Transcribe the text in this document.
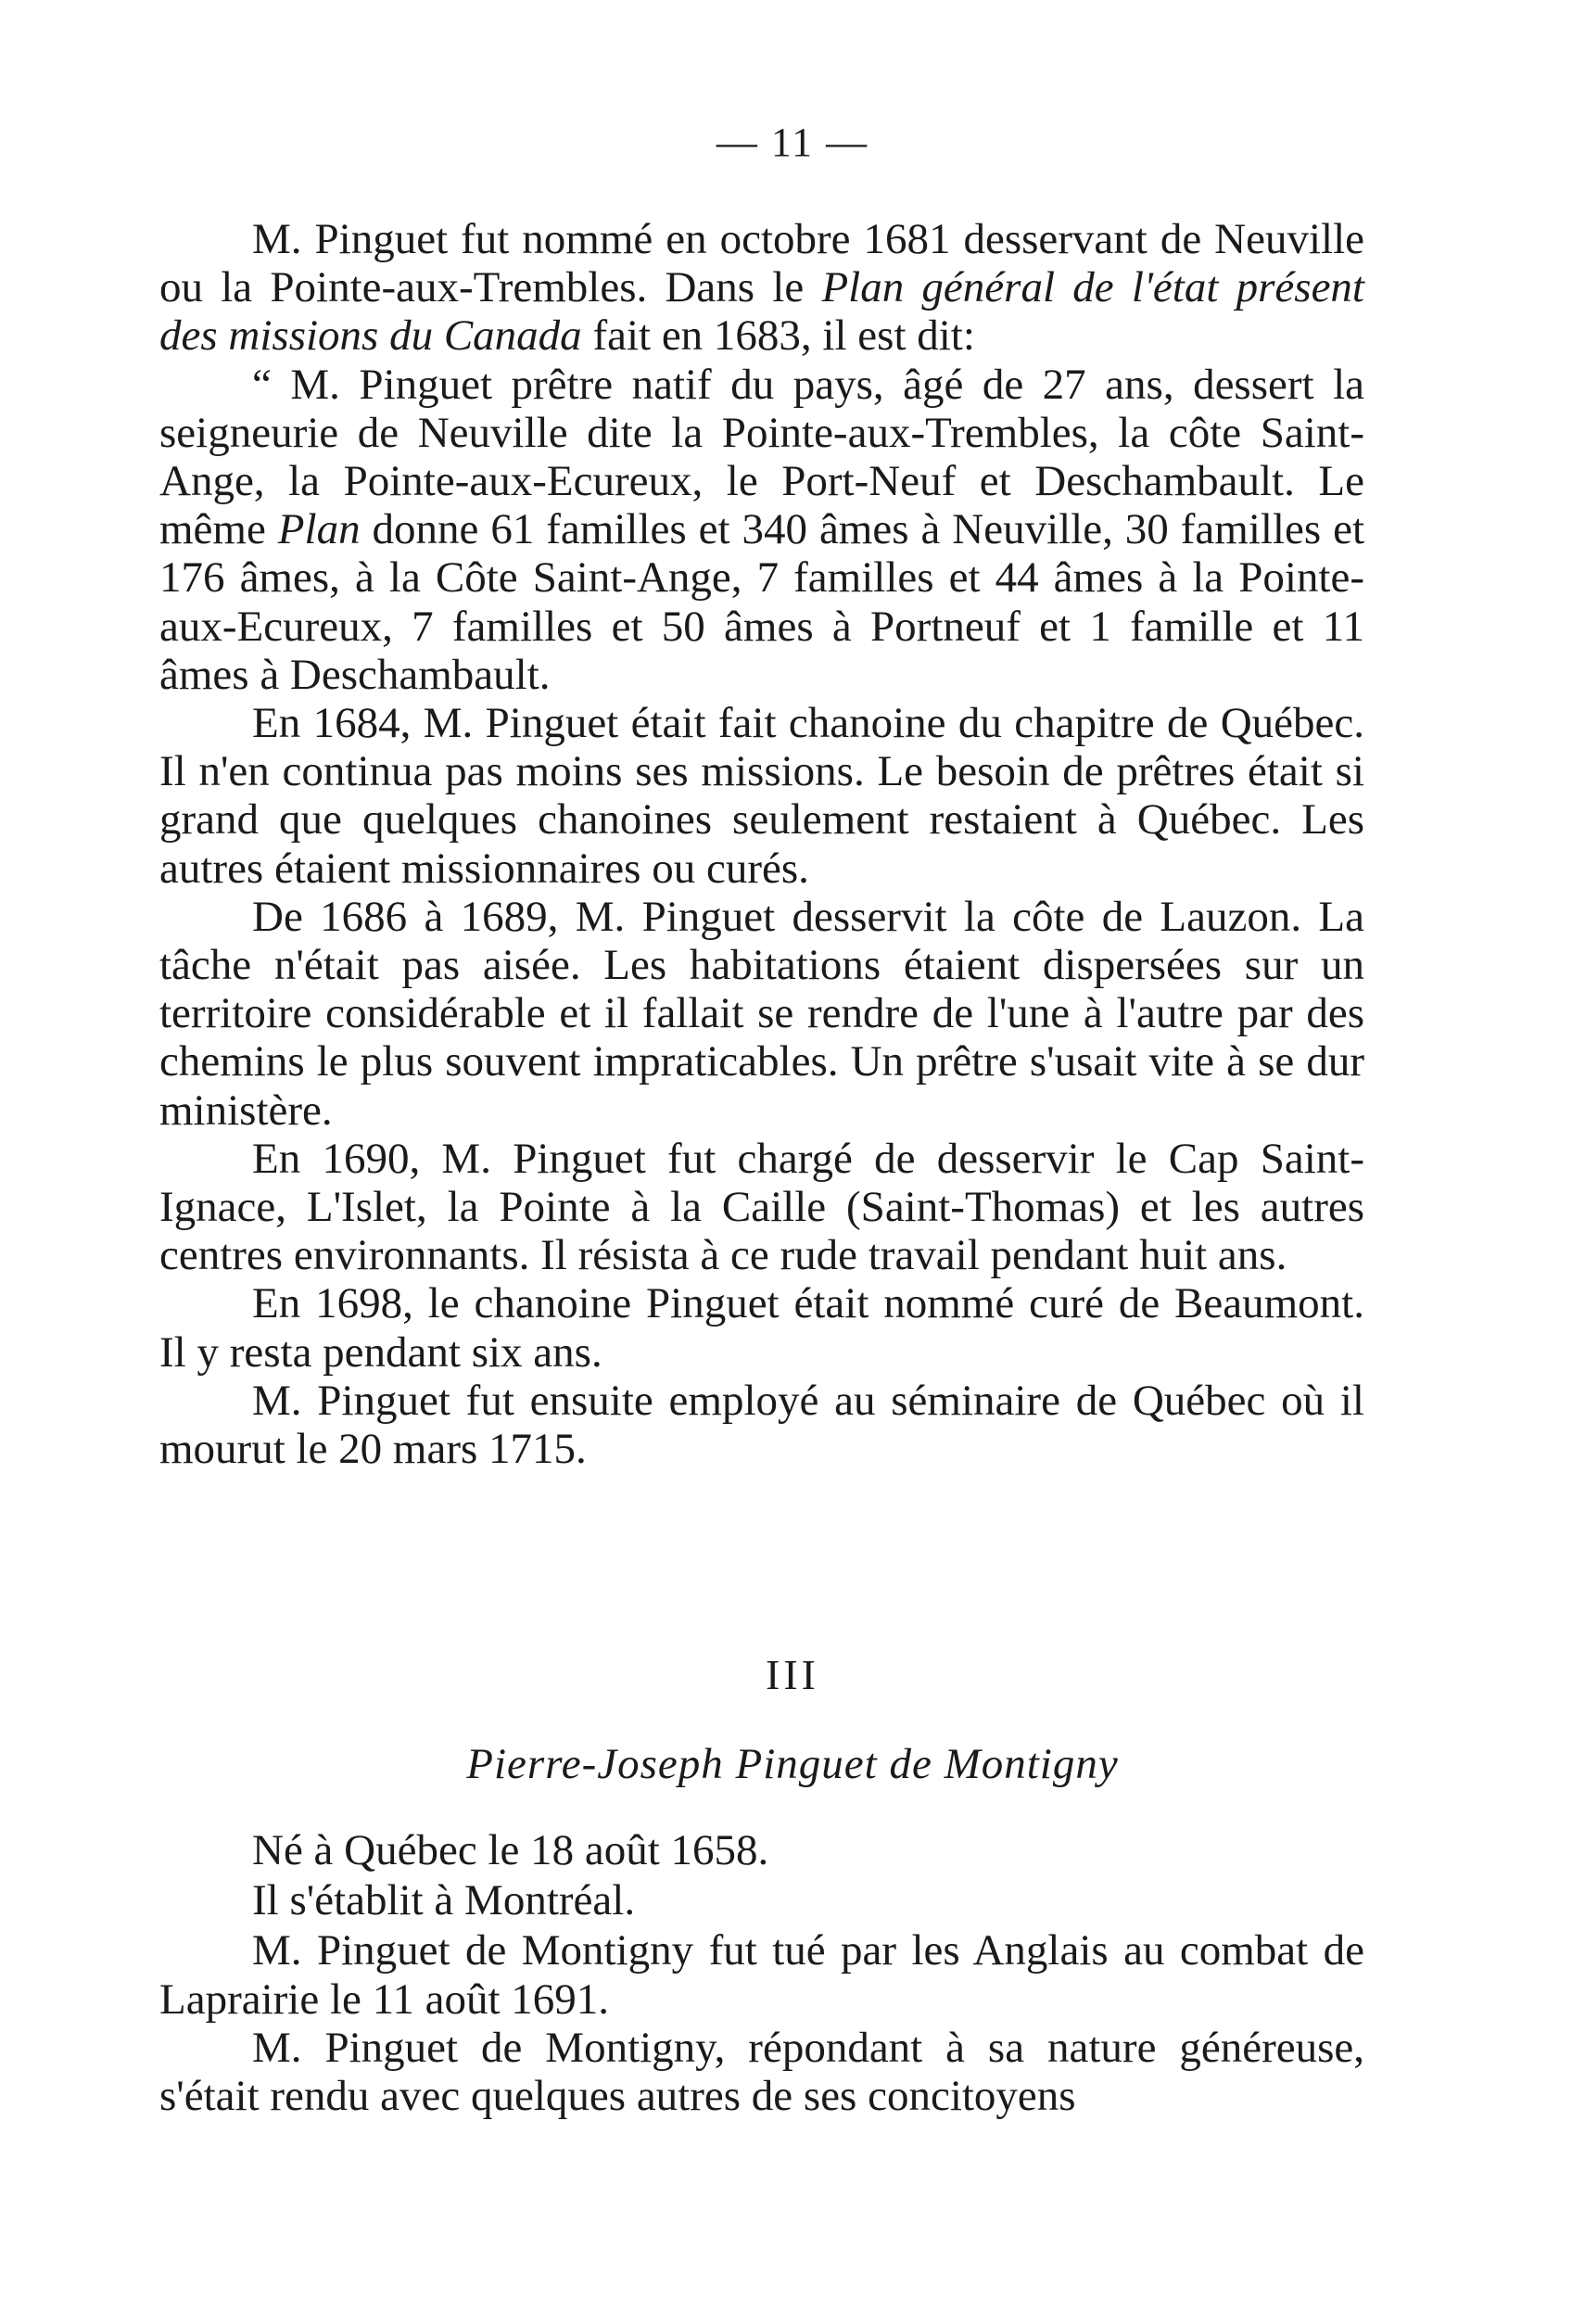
— 11 —

M. Pinguet fut nommé en octobre 1681 desservant de Neuville ou la Pointe-aux-Trembles. Dans le Plan général de l'état présent des missions du Canada fait en 1683, il est dit:

“ M. Pinguet prêtre natif du pays, âgé de 27 ans, dessert la seigneurie de Neuville dite la Pointe-aux-Trembles, la côte Saint-Ange, la Pointe-aux-Ecureux, le Port-Neuf et Deschambault. Le même Plan donne 61 familles et 340 âmes à Neuville, 30 familles et 176 âmes, à la Côte Saint-Ange, 7 familles et 44 âmes à la Pointe-aux-Ecureux, 7 familles et 50 âmes à Portneuf et 1 famille et 11 âmes à Deschambault.

En 1684, M. Pinguet était fait chanoine du chapitre de Québec. Il n'en continua pas moins ses missions. Le besoin de prêtres était si grand que quelques chanoines seulement restaient à Québec. Les autres étaient missionnaires ou curés.

De 1686 à 1689, M. Pinguet desservit la côte de Lauzon. La tâche n'était pas aisée. Les habitations étaient dispersées sur un territoire considérable et il fallait se rendre de l'une à l'autre par des chemins le plus souvent impraticables. Un prêtre s'usait vite à se dur ministère.

En 1690, M. Pinguet fut chargé de desservir le Cap Saint-Ignace, L'Islet, la Pointe à la Caille (Saint-Thomas) et les autres centres environnants. Il résista à ce rude travail pendant huit ans.

En 1698, le chanoine Pinguet était nommé curé de Beaumont. Il y resta pendant six ans.

M. Pinguet fut ensuite employé au séminaire de Québec où il mourut le 20 mars 1715.

III
Pierre-Joseph Pinguet de Montigny

Né à Québec le 18 août 1658.

Il s'établit à Montréal.

M. Pinguet de Montigny fut tué par les Anglais au combat de Laprairie le 11 août 1691.

M. Pinguet de Montigny, répondant à sa nature généreuse, s'était rendu avec quelques autres de ses concitoyens
